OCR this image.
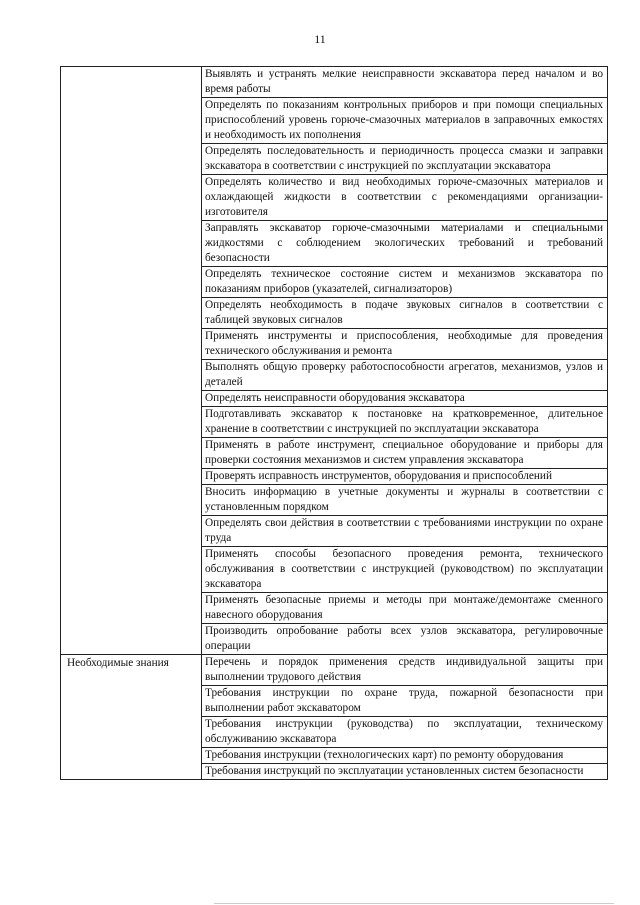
11
	Выявлять и устранять мелкие неисправности экскаватора перед началом и во время работы
	Определять по показаниям контрольных приборов и при помощи специальных приспособлений уровень горюче-смазочных материалов в заправочных емкостях и необходимость их пополнения
	Определять последовательность и периодичность процесса смазки и заправки экскаватора в соответствии с инструкцией по эксплуатации экскаватора
	Определять количество и вид необходимых горюче-смазочных материалов и охлаждающей жидкости в соответствии с рекомендациями организации-изготовителя
	Заправлять экскаватор горюче-смазочными материалами и специальными жидкостями с соблюдением экологических требований и требований безопасности
	Определять техническое состояние систем и механизмов экскаватора по показаниям приборов (указателей, сигнализаторов)
	Определять необходимость в подаче звуковых сигналов в соответствии с таблицей звуковых сигналов
	Применять инструменты и приспособления, необходимые для проведения технического обслуживания и ремонта
	Выполнять общую проверку работоспособности агрегатов, механизмов, узлов и деталей
	Определять неисправности оборудования экскаватора
	Подготавливать экскаватор к постановке на кратковременное, длительное хранение в соответствии с инструкцией по эксплуатации экскаватора
	Применять в работе инструмент, специальное оборудование и приборы для проверки состояния механизмов и систем управления экскаватора
	Проверять исправность инструментов, оборудования и приспособлений
	Вносить информацию в учетные документы и журналы в соответствии с установленным порядком
	Определять свои действия в соответствии с требованиями инструкции по охране труда
	Применять способы безопасного проведения ремонта, технического обслуживания в соответствии с инструкцией (руководством) по эксплуатации экскаватора
	Применять безопасные приемы и методы при монтаже/демонтаже сменного навесного оборудования
	Производить опробование работы всех узлов экскаватора, регулировочные операции
Необходимые знания	Перечень и порядок применения средств индивидуальной защиты при выполнении трудового действия
	Требования инструкции по охране труда, пожарной безопасности при выполнении работ экскаватором
	Требования инструкции (руководства) по эксплуатации, техническому обслуживанию экскаватора
	Требования инструкции (технологических карт) по ремонту оборудования
	Требования инструкций по эксплуатации установленных систем безопасности
